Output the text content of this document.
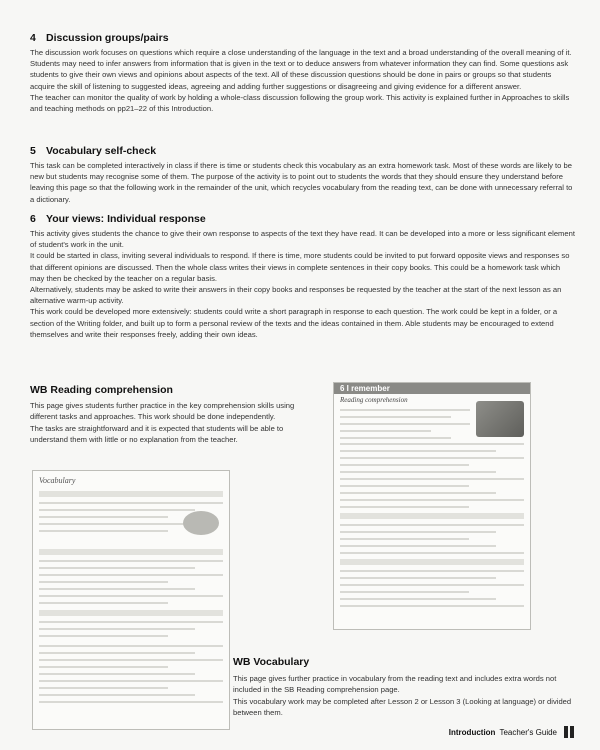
4 Discussion groups/pairs

The discussion work focuses on questions which require a close understanding of the language in the text and a broad understanding of the overall meaning of it. Students may need to infer answers from information that is given in the text or to deduce answers from whatever information they can find. Some questions ask students to give their own views and opinions about aspects of the text. All of these discussion questions should be done in pairs or groups so that students acquire the skill of listening to suggested ideas, agreeing and adding further suggestions or disagreeing and giving evidence for a different answer.

The teacher can monitor the quality of work by holding a whole-class discussion following the group work. This activity is explained further in Approaches to skills and teaching methods on pp21–22 of this Introduction.

5 Vocabulary self-check

This task can be completed interactively in class if there is time or students check this vocabulary as an extra homework task. Most of these words are likely to be new but students may recognise some of them. The purpose of the activity is to point out to students the words that they should ensure they understand before leaving this page so that the following work in the remainder of the unit, which recycles vocabulary from the reading text, can be done with unnecessary referral to a dictionary.

6 Your views: Individual response

This activity gives students the chance to give their own response to aspects of the text they have read. It can be developed into a more or less significant element of student's work in the unit.

It could be started in class, inviting several individuals to respond. If there is time, more students could be invited to put forward opposite views and responses so that different opinions are discussed. Then the whole class writes their views in complete sentences in their copy books. This could be a homework task which may then be checked by the teacher on a regular basis.

Alternatively, students may be asked to write their answers in their copy books and responses be requested by the teacher at the start of the next lesson as an alternative warm-up activity.

This work could be developed more extensively: students could write a short paragraph in response to each question. The work could be kept in a folder, or a section of the Writing folder, and built up to form a personal review of the texts and the ideas contained in them. Able students may be encouraged to extend themselves and write their responses freely, adding their own ideas.

WB Reading comprehension

This page gives students further practice in the key comprehension skills using different tasks and approaches. This work should be done independently.

The tasks are straightforward and it is expected that students will be able to understand them with little or no explanation from the teacher.

Vocabulary
6 I remember
Reading comprehension
WB Vocabulary

This page gives further practice in vocabulary from the reading text and includes extra words not included in the SB Reading comprehension page.

This vocabulary work may be completed after Lesson 2 or Lesson 3 (Looking at language) or divided between them.

Introduction Teacher's Guide
